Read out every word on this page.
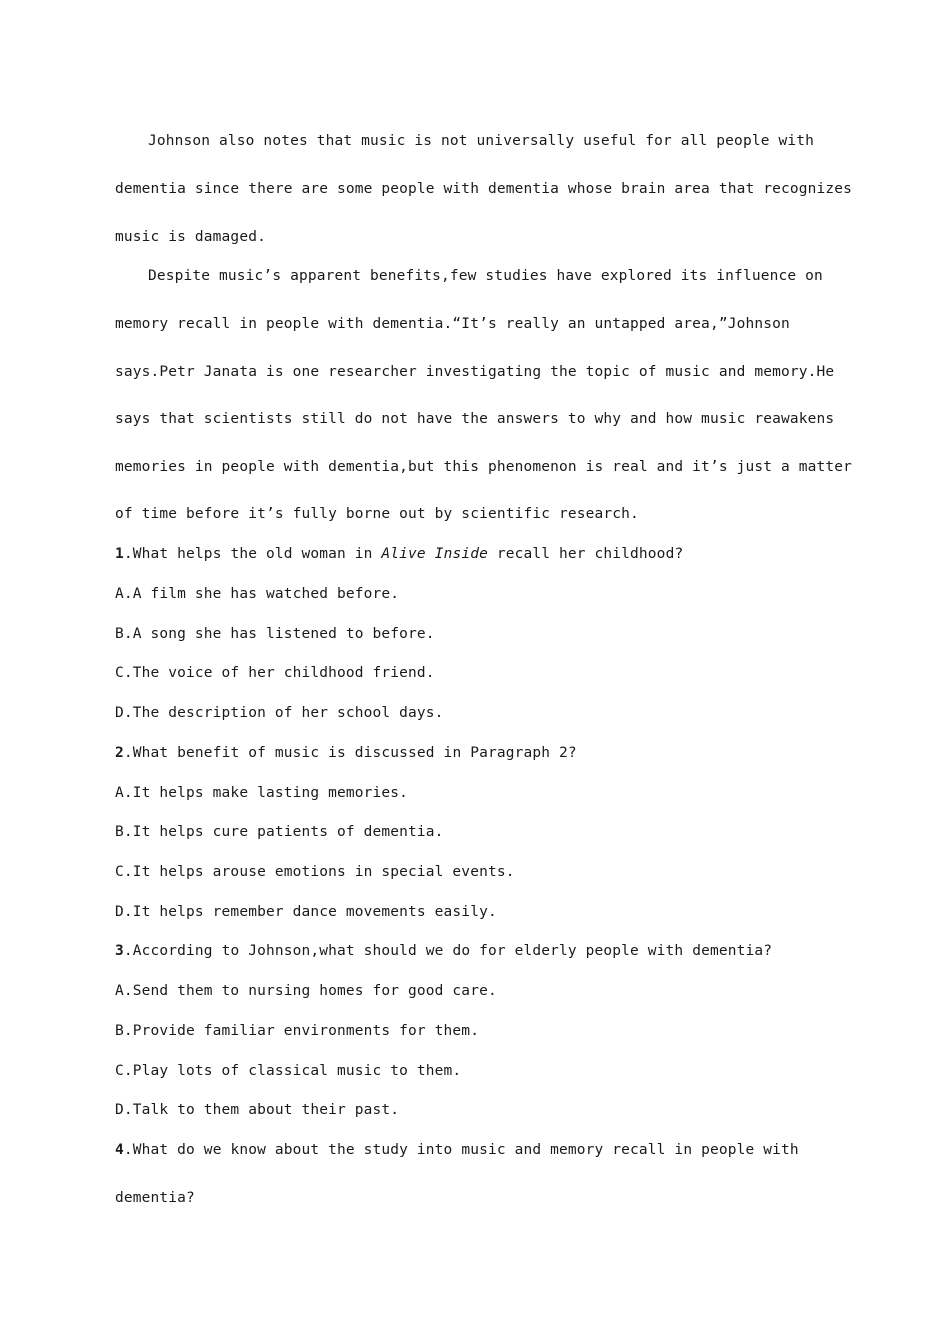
Johnson also notes that music is not universally useful for all people with
dementia since there are some people with dementia whose brain area that recognizes
music is damaged.
Despite music’s apparent benefits,few studies have explored its influence on
memory recall in people with dementia.“It’s really an untapped area,”Johnson
says.Petr Janata is one researcher investigating the topic of music and memory.He
says that scientists still do not have the answers to why and how music reawakens
memories in people with dementia,but this phenomenon is real and it’s just a matter
of time before it’s fully borne out by scientific research.
1.What helps the old woman in Alive Inside recall her childhood?
A.A film she has watched before.
B.A song she has listened to before.
C.The voice of her childhood friend.
D.The description of her school days.
2.What benefit of music is discussed in Paragraph 2?
A.It helps make lasting memories.
B.It helps cure patients of dementia.
C.It helps arouse emotions in special events.
D.It helps remember dance movements easily.
3.According to Johnson,what should we do for elderly people with dementia?
A.Send them to nursing homes for good care.
B.Provide familiar environments for them.
C.Play lots of classical music to them.
D.Talk to them about their past.
4.What do we know about the study into music and memory recall in people with
dementia?
